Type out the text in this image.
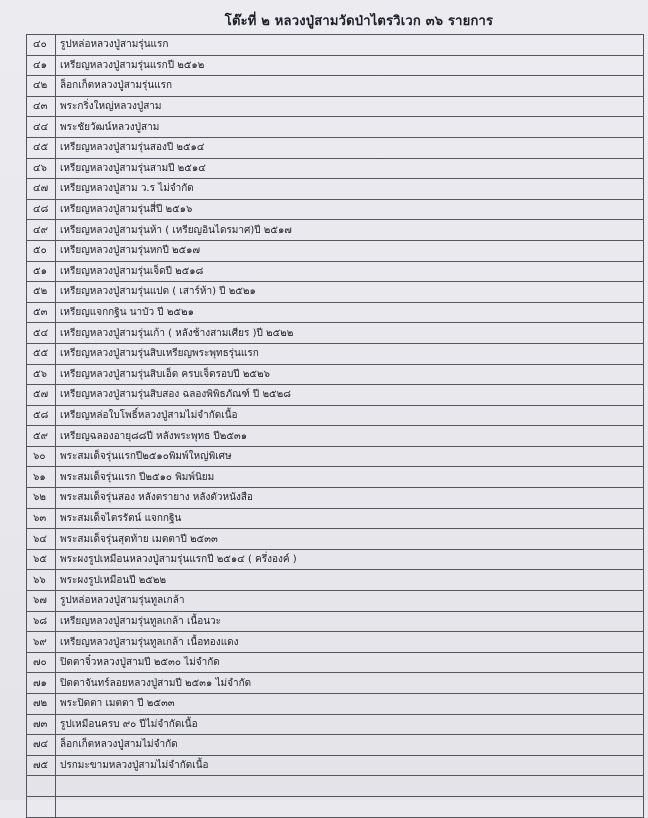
โต๊ะที่ ๒ หลวงปู่สามวัดป่าไตรวิเวก ๓๖ รายการ
๔๐	รูปหล่อหลวงปู่สามรุ่นแรก
๔๑	เหรียญหลวงปู่สามรุ่นแรกปี ๒๕๑๒
๔๒	ล็อกเก็ตหลวงปู่สามรุ่นแรก
๔๓	พระกริ่งใหญ่หลวงปู่สาม
๔๔	พระชัยวัฒน์หลวงปู่สาม
๔๕	เหรียญหลวงปู่สามรุ่นสองปี ๒๕๑๔
๔๖	เหรียญหลวงปู่สามรุ่นสามปี ๒๕๑๔
๔๗	เหรียญหลวงปู่สาม ว.ร ไม่จำกัด
๔๘	เหรียญหลวงปู่สามรุ่นสี่ปี ๒๕๑๖
๔๙	เหรียญหลวงปู่สามรุ่นห้า ( เหรียญอินไดรมาศ)ปี ๒๕๑๗
๕๐	เหรียญหลวงปู่สามรุ่นหกปี ๒๕๑๗
๕๑	เหรียญหลวงปู่สามรุ่นเจ็ดปี ๒๕๑๘
๕๒	เหรียญหลวงปู่สามรุ่นแปด ( เสาร์ห้า) ปี ๒๕๒๑
๕๓	เหรียญแจกกฐิน นาบัว ปี ๒๕๒๑
๕๔	เหรียญหลวงปู่สามรุ่นเก้า ( หลังช้างสามเศียร )ปี ๒๕๒๒
๕๕	เหรียญหลวงปู่สามรุ่นสิบเหรียญพระพุทธรุ่นแรก
๕๖	เหรียญหลวงปู่สามรุ่นสิบเอ็ด ครบเจ็ดรอบปี ๒๕๒๖
๕๗	เหรียญหลวงปู่สามรุ่นสิบสอง ฉลองพิพิธภัณฑ์ ปี ๒๕๒๘
๕๘	เหรียญหล่อใบโพธิ์หลวงปู่สามไม่จำกัดเนื้อ
๕๙	เหรียญฉลองอายุ๘๘ปี หลังพระพุทธ ปี๒๕๓๑
๖๐	พระสมเด็จรุ่นแรกปี๒๕๑๐พิมพ์ใหญ่พิเศษ
๖๑	พระสมเด็จรุ่นแรก ปี๒๕๑๐ พิมพ์นิยม
๖๒	พระสมเด็จรุ่นสอง หลังตรายาง หลังตัวหนังสือ
๖๓	พระสมเด็จไตรรัตน์ แจกกฐิน
๖๔	พระสมเด็จรุ่นสุดท้าย เมตตาปี ๒๕๓๓
๖๕	พระผงรูปเหมือนหลวงปู่สามรุ่นแรกปี ๒๕๑๔ ( ครึ่งองค์ )
๖๖	พระผงรูปเหมือนปี ๒๕๒๒
๖๗	รูปหล่อหลวงปู่สามรุ่นทูลเกล้า
๖๘	เหรียญหลวงปู่สามรุ่นทูลเกล้า เนื้อนวะ
๖๙	เหรียญหลวงปู่สามรุ่นทูลเกล้า เนื้อทองแดง
๗๐	ปิดตาจิ๋วหลวงปู่สามปี ๒๕๓๐ ไม่จำกัด
๗๑	ปิดตาจันทร์ลอยหลวงปู่สามปี ๒๕๓๑ ไม่จำกัด
๗๒	พระปิดตา เมตตา ปี ๒๕๓๓
๗๓	รูปเหมือนครบ ๙๐ ปีไม่จำกัดเนื้อ
๗๔	ล็อกเก็ตหลวงปู่สามไม่จำกัด
๗๕	ปรกมะขามหลวงปู่สามไม่จำกัดเนื้อ
